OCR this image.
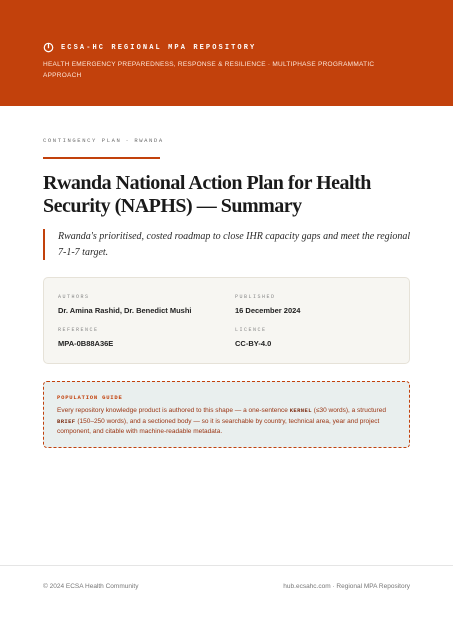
ECSA-HC REGIONAL MPA REPOSITORY
HEALTH EMERGENCY PREPAREDNESS, RESPONSE & RESILIENCE · MULTIPHASE PROGRAMMATIC APPROACH
CONTINGENCY PLAN · RWANDA
Rwanda National Action Plan for Health Security (NAPHS) — Summary

Rwanda's prioritised, costed roadmap to close IHR capacity gaps and meet the regional 7-1-7 target.

AUTHORS
Dr. Amina Rashid, Dr. Benedict Mushi
PUBLISHED
16 December 2024
REFERENCE
MPA-0B88A36E
LICENCE
CC-BY-4.0
POPULATION GUIDE

Every repository knowledge product is authored to this shape — a one-sentence KERNEL (≤30 words), a structured BRIEF (150–250 words), and a sectioned body — so it is searchable by country, technical area, year and project component, and citable with machine-readable metadata.

© 2024 ECSA Health Community	hub.ecsahc.com · Regional MPA Repository
